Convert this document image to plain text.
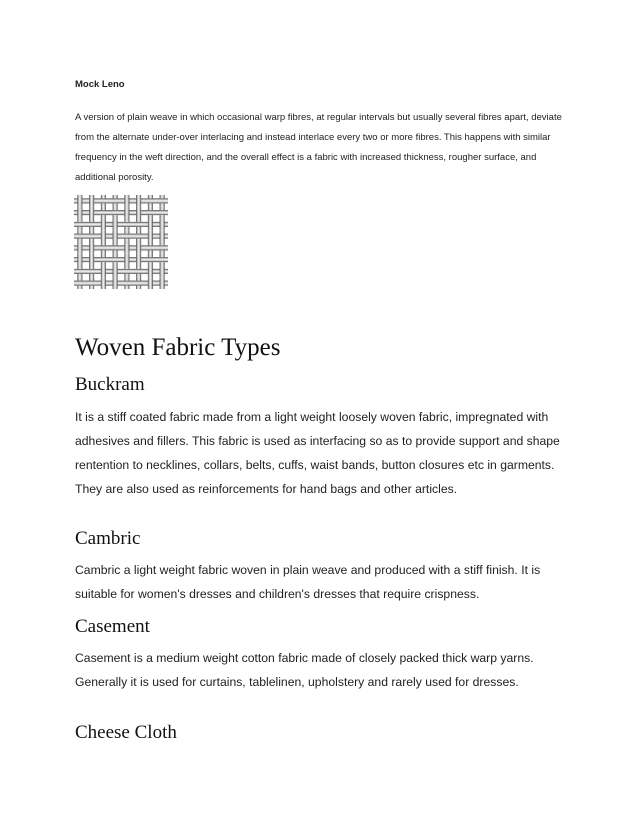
Mock Leno

A version of plain weave in which occasional warp fibres, at regular intervals but usually several fibres apart, deviate from the alternate under-over interlacing and instead interlace every two or more fibres. This happens with similar frequency in the weft direction, and the overall effect is a fabric with increased thickness, rougher surface, and additional porosity.

Woven Fabric Types
Buckram

It is a stiff coated fabric made from a light weight loosely woven fabric, impregnated with adhesives and fillers. This fabric is used as interfacing so as to provide support and shape rentention to necklines, collars, belts, cuffs, waist bands, button closures etc in garments. They are also used as reinforcements for hand bags and other articles.

Cambric

Cambric a light weight fabric woven in plain weave and produced with a stiff finish. It is suitable for women's dresses and children's dresses that require crispness.

Casement

Casement is a medium weight cotton fabric made of closely packed thick warp yarns. Generally it is used for curtains, tablelinen, upholstery and rarely used for dresses.

Cheese Cloth
